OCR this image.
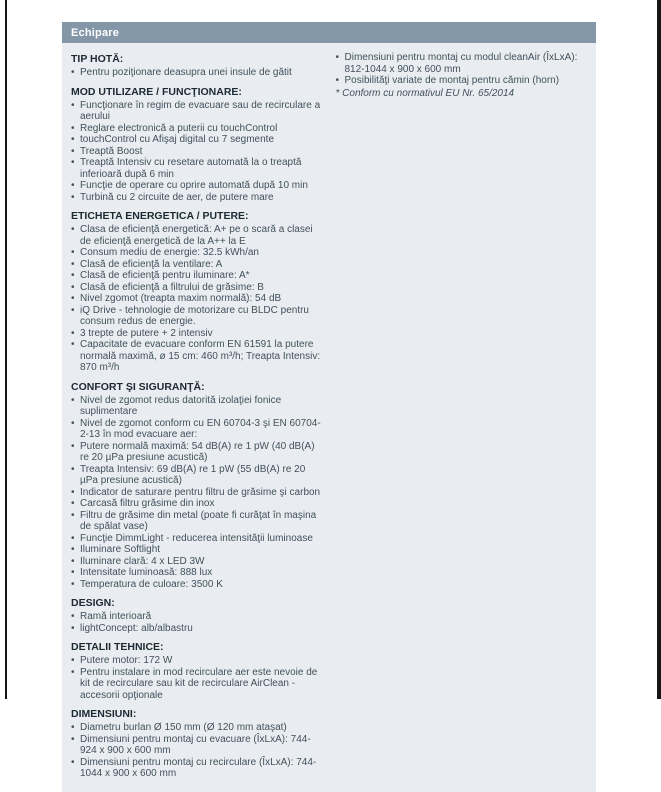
Echipare
TIP HOTĂ:
• Pentru poziţionare deasupra unei insule de gătit
MOD UTILIZARE / FUNCŢIONARE:
• Funcţionare în regim de evacuare sau de recirculare a aerului
• Reglare electronică a puterii cu touchControl
• touchControl cu Afişaj digital cu 7 segmente
• Treaptă Boost
• Treaptă Intensiv cu resetare automată la o treaptă inferioară după 6 min
• Funcţie de operare cu oprire automată după 10 min
• Turbină cu 2 circuite de aer, de putere mare
ETICHETA ENERGETICA / PUTERE:
• Clasa de eficienţă energetică: A+ pe o scară a clasei de eficienţă energetică de la A++ la E
• Consum mediu de energie: 32.5 kWh/an
• Clasă de eficienţă la ventilare: A
• Clasă de eficienţă pentru iluminare: A*
• Clasă de eficienţă a filtrului de grăsime: B
• Nivel zgomot (treapta maxim normală): 54 dB
• iQ Drive - tehnologie de motorizare cu BLDC pentru consum redus de energie.
• 3 trepte de putere + 2 intensiv
• Capacitate de evacuare conform EN 61591 la putere normală maximă, ø 15 cm: 460 m³/h; Treapta Intensiv: 870 m³/h
CONFORT ŞI SIGURANŢĂ:
• Nivel de zgomot redus datorită izolaţiei fonice suplimentare
• Nivel de zgomot conform cu EN 60704-3 şi EN 60704-2-13 în mod evacuare aer:
• Putere normală maximă: 54 dB(A) re 1 pW (40 dB(A) re 20 µPa presiune acustică)
• Treapta Intensiv: 69 dB(A) re 1 pW (55 dB(A) re 20 µPa presiune acustică)
• Indicator de saturare pentru filtru de grăsime şi carbon
• Carcasă filtru grăsime din inox
• Filtru de grăsime din metal (poate fi curăţat în maşina de spălat vase)
• Funcţie DimmLight - reducerea intensităţii luminoase
• Iluminare Softlight
• Iluminare clară: 4 x LED 3W
• Intensitate luminoasă: 888 lux
• Temperatura de culoare: 3500 K
DESIGN:
• Ramă interioară
• lightConcept: alb/albastru
DETALII TEHNICE:
• Putere motor: 172 W
• Pentru instalare in mod recirculare aer este nevoie de kit de recirculare sau kit de recirculare AirClean - accesorii opţionale
DIMENSIUNI:
• Diametru burlan Ø 150 mm (Ø 120 mm ataşat)
• Dimensiuni pentru montaj cu evacuare (ÎxLxA): 744-924 x 900 x 600 mm
• Dimensiuni pentru montaj cu recirculare (ÎxLxA): 744-1044 x 900 x 600 mm
• Dimensiuni pentru montaj cu modul cleanAir (ÎxLxA): 812-1044 x 900 x 600 mm
• Posibilităţi variate de montaj pentru cămin (horn)
* Conform cu normativul EU Nr. 65/2014
